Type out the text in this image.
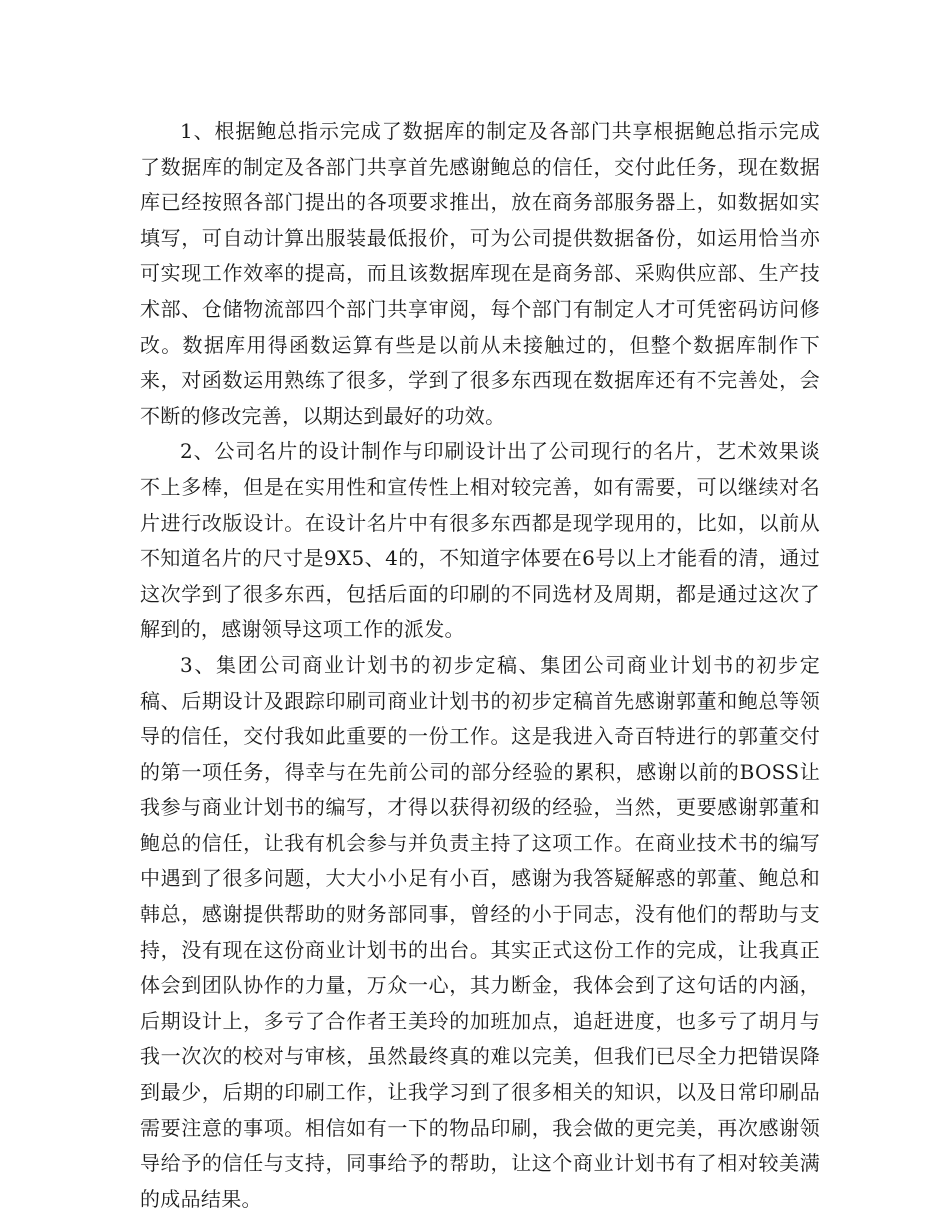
1、根据鲍总指示完成了数据库的制定及各部门共享根据鲍总指示完成了数据库的制定及各部门共享首先感谢鲍总的信任，交付此任务，现在数据库已经按照各部门提出的各项要求推出，放在商务部服务器上，如数据如实填写，可自动计算出服装最低报价，可为公司提供数据备份，如运用恰当亦可实现工作效率的提高，而且该数据库现在是商务部、采购供应部、生产技术部、仓储物流部四个部门共享审阅，每个部门有制定人才可凭密码访问修改。数据库用得函数运算有些是以前从未接触过的，但整个数据库制作下来，对函数运用熟练了很多，学到了很多东西现在数据库还有不完善处，会不断的修改完善，以期达到最好的功效。

2、公司名片的设计制作与印刷设计出了公司现行的名片，艺术效果谈不上多棒，但是在实用性和宣传性上相对较完善，如有需要，可以继续对名片进行改版设计。在设计名片中有很多东西都是现学现用的，比如，以前从不知道名片的尺寸是9X5、4的，不知道字体要在6号以上才能看的清，通过这次学到了很多东西，包括后面的印刷的不同选材及周期，都是通过这次了解到的，感谢领导这项工作的派发。

3、集团公司商业计划书的初步定稿、集团公司商业计划书的初步定稿、后期设计及跟踪印刷司商业计划书的初步定稿首先感谢郭董和鲍总等领导的信任，交付我如此重要的一份工作。这是我进入奇百特进行的郭董交付的第一项任务，得幸与在先前公司的部分经验的累积，感谢以前的BOSS让我参与商业计划书的编写，才得以获得初级的经验，当然，更要感谢郭董和鲍总的信任，让我有机会参与并负责主持了这项工作。在商业技术书的编写中遇到了很多问题，大大小小足有小百，感谢为我答疑解惑的郭董、鲍总和韩总，感谢提供帮助的财务部同事，曾经的小于同志，没有他们的帮助与支持，没有现在这份商业计划书的出台。其实正式这份工作的完成，让我真正体会到团队协作的力量，万众一心，其力断金，我体会到了这句话的内涵，后期设计上，多亏了合作者王美玲的加班加点，追赶进度，也多亏了胡月与我一次次的校对与审核，虽然最终真的难以完美，但我们已尽全力把错误降到最少，后期的印刷工作，让我学习到了很多相关的知识，以及日常印刷品需要注意的事项。相信如有一下的物品印刷，我会做的更完美，再次感谢领导给予的信任与支持，同事给予的帮助，让这个商业计划书有了相对较美满的成品结果。
